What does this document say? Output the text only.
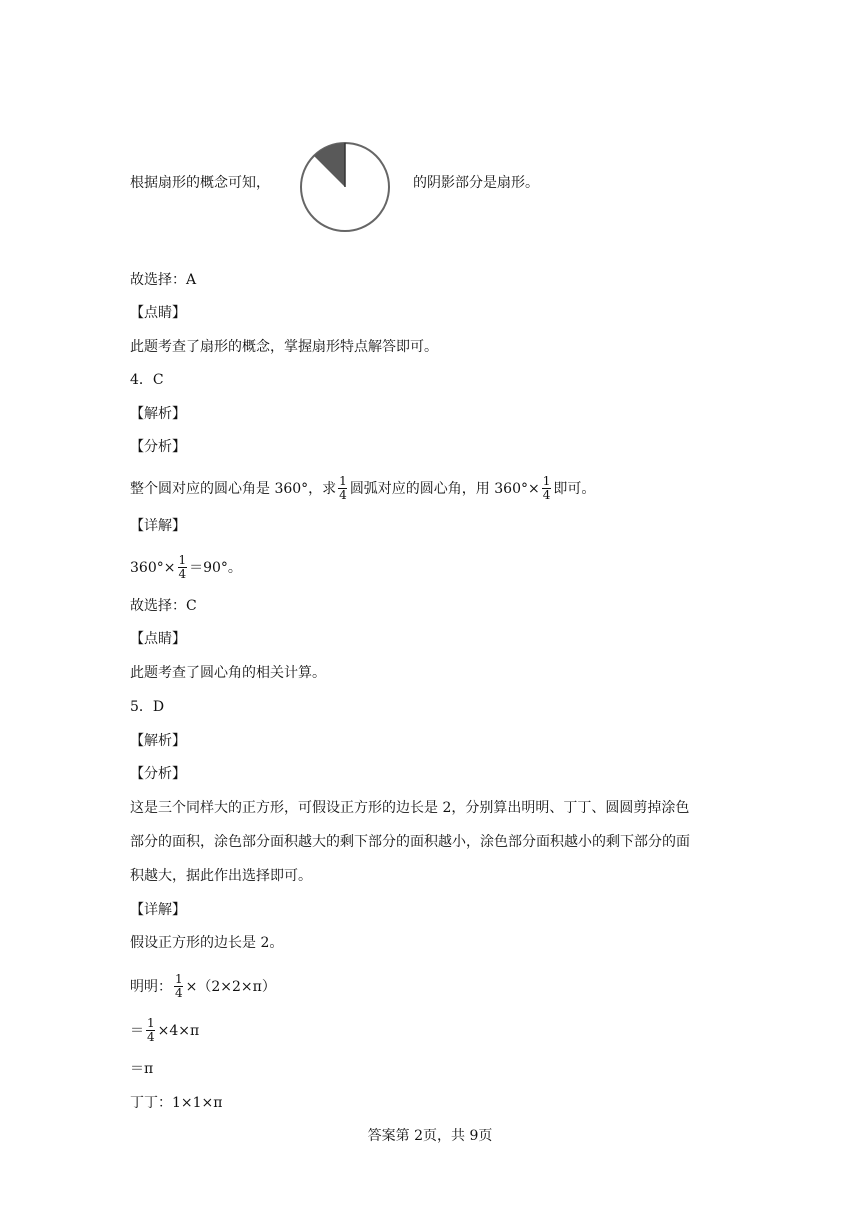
根据扇形的概念可知，	的阴影部分是扇形。
故选择：A
【点睛】
此题考查了扇形的概念，掌握扇形特点解答即可。
4．C
【解析】
【分析】
整个圆对应的圆心角是 360°，求 $\frac{1}{4}$ 圆弧对应的圆心角，用 $360^\circ\times \frac{1}{4}$ 即可。
【详解】
$360^\circ\times \frac{1}{4} =90^\circ$。
故选择：C
【点睛】
此题考查了圆心角的相关计算。
5．D
【解析】
【分析】
这是三个同样大的正方形，可假设正方形的边长是 2，分别算出明明、丁丁、圆圆剪掉涂色
部分的面积，涂色部分面积越大的剩下部分的面积越小，涂色部分面积越小的剩下部分的面
积越大，据此作出选择即可。
【详解】
假设正方形的边长是 2。
明明： $\frac{1}{4} \times(2\times 2\times\pi)$
＝ $\frac{1}{4} \times 4\times\pi$
＝π
丁丁：1×1×π
答案第 2页，共 9页
